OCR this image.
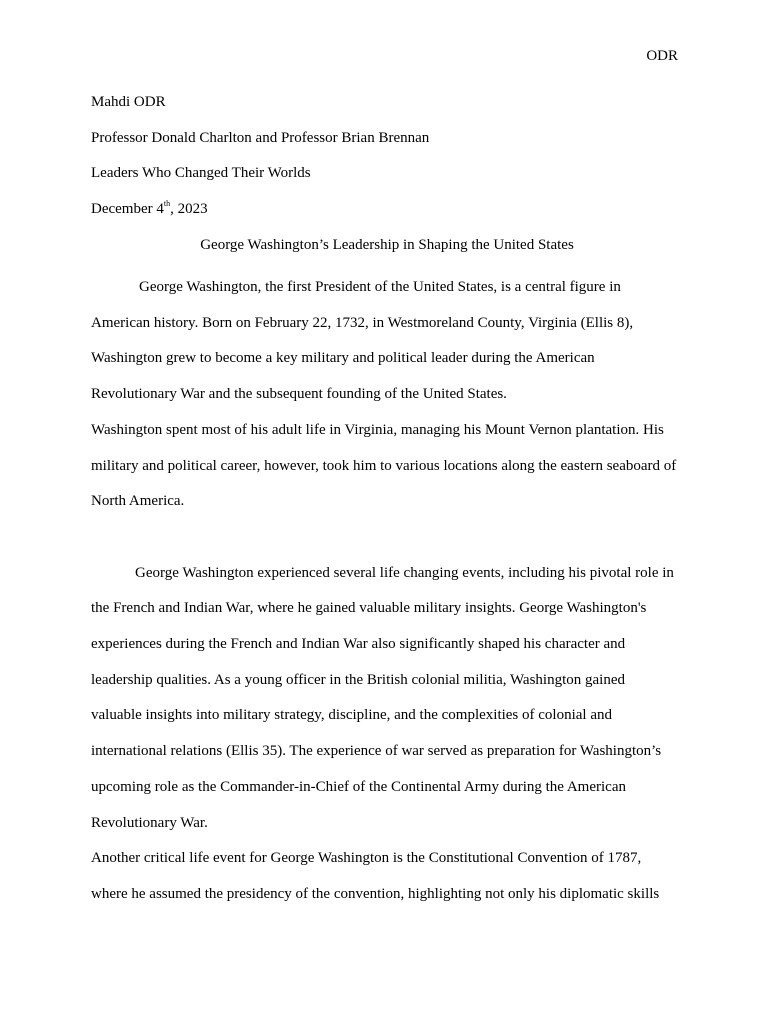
ODR
Mahdi ODR
Professor Donald Charlton and Professor Brian Brennan
Leaders Who Changed Their Worlds
December 4th, 2023
George Washington’s Leadership in Shaping the United States

George Washington, the first President of the United States, is a central figure in American history. Born on February 22, 1732, in Westmoreland County, Virginia (Ellis 8), Washington grew to become a key military and political leader during the American Revolutionary War and the subsequent founding of the United States.

Washington spent most of his adult life in Virginia, managing his Mount Vernon plantation. His military and political career, however, took him to various locations along the eastern seaboard of North America.

George Washington experienced several life changing events, including his pivotal role in the French and Indian War, where he gained valuable military insights. George Washington's experiences during the French and Indian War also significantly shaped his character and leadership qualities. As a young officer in the British colonial militia, Washington gained valuable insights into military strategy, discipline, and the complexities of colonial and international relations (Ellis 35). The experience of war served as preparation for Washington’s upcoming role as the Commander-in-Chief of the Continental Army during the American Revolutionary War.

Another critical life event for George Washington is the Constitutional Convention of 1787, where he assumed the presidency of the convention, highlighting not only his diplomatic skills
